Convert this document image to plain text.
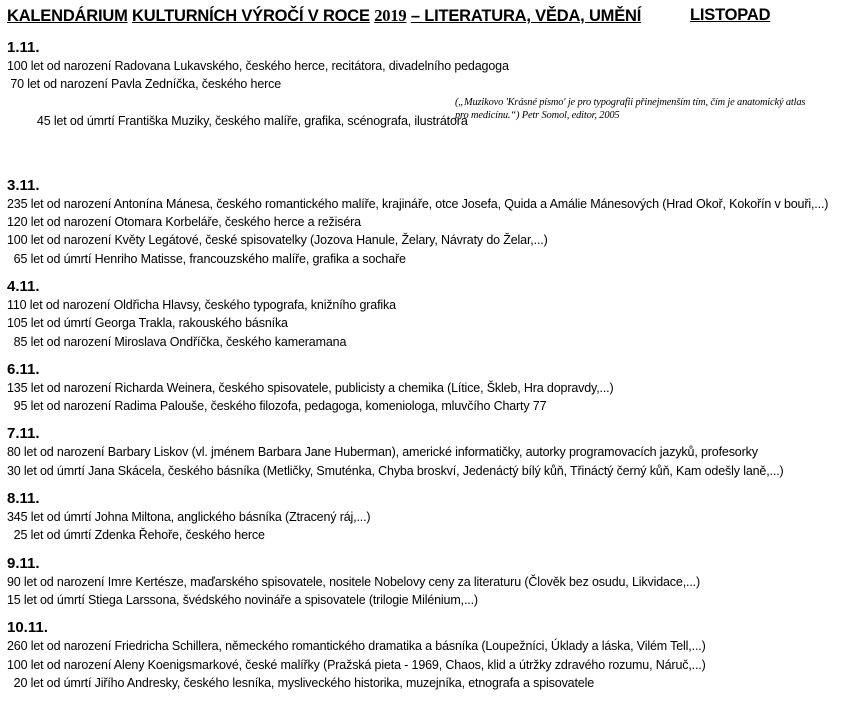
KALENDÁRIUM KULTURNÍCH VÝROČÍ V ROCE 2019 – LITERATURA, VĚDA, UMĚNÍ	LISTOPAD
1.11.
100 let od narození Radovana Lukavského, českého herce, recitátora, divadelního pedagoga
70 let od narození Pavla Zedníčka, českého herce

45 let od úmrtí Františka Muziky, českého malíře, grafika, scénografa, ilustrátora

(„Muzikovo 'Krásné písmo' je pro typografii přinejmenším tím, čím je anatomický atlas pro medicínu.“) Petr Somol, editor, 2005

3.11.
235 let od narození Antonína Mánesa, českého romantického malíře, krajináře, otce Josefa, Quida a Amálie Mánesových (Hrad Okoř, Kokořín v bouři,...)
120 let od narození Otomara Korbeláře, českého herce a režiséra
100 let od narození Květy Legátové, české spisovatelky (Jozova Hanule, Želary, Návraty do Želar,...)
65 let od úmrtí Henriho Matisse, francouzského malíře, grafika a sochaře
4.11.
110 let od narození Oldřicha Hlavsy, českého typografa, knižního grafika
105 let od úmrtí Georga Trakla, rakouského básníka
85 let od narození Miroslava Ondříčka, českého kameramana
6.11.
135 let od narození Richarda Weinera, českého spisovatele, publicisty a chemika (Lítice, Škleb, Hra dopravdy,...)
95 let od narození Radima Palouše, českého filozofa, pedagoga, komeniologa, mluvčího Charty 77
7.11.
80 let od narození Barbary Liskov (vl. jménem Barbara Jane Huberman), americké informatičky, autorky programovacích jazyků, profesorky
30 let od úmrtí Jana Skácela, českého básníka (Metličky, Smuténka, Chyba broskví, Jedenáctý bílý kůň, Třináctý černý kůň, Kam odešly laně,...)
8.11.
345 let od úmrtí Johna Miltona, anglického básníka (Ztracený ráj,...)
25 let od úmrtí Zdenka Řehoře, českého herce
9.11.
90 let od narození Imre Kertésze, maďarského spisovatele, nositele Nobelovy ceny za literaturu (Člověk bez osudu, Likvidace,...)
15 let od úmrtí Stiega Larssona, švédského novináře a spisovatele (trilogie Milénium,...)
10.11.
260 let od narození Friedricha Schillera, německého romantického dramatika a básníka (Loupežníci, Úklady a láska, Vilém Tell,...)
100 let od narození Aleny Koenigsmarkové, české malířky (Pražská pieta - 1969, Chaos, klid a útržky zdravého rozumu, Náruč,...)
20 let od úmrtí Jiřího Andresky, českého lesníka, mysliveckého historika, muzejníka, etnografa a spisovatele
